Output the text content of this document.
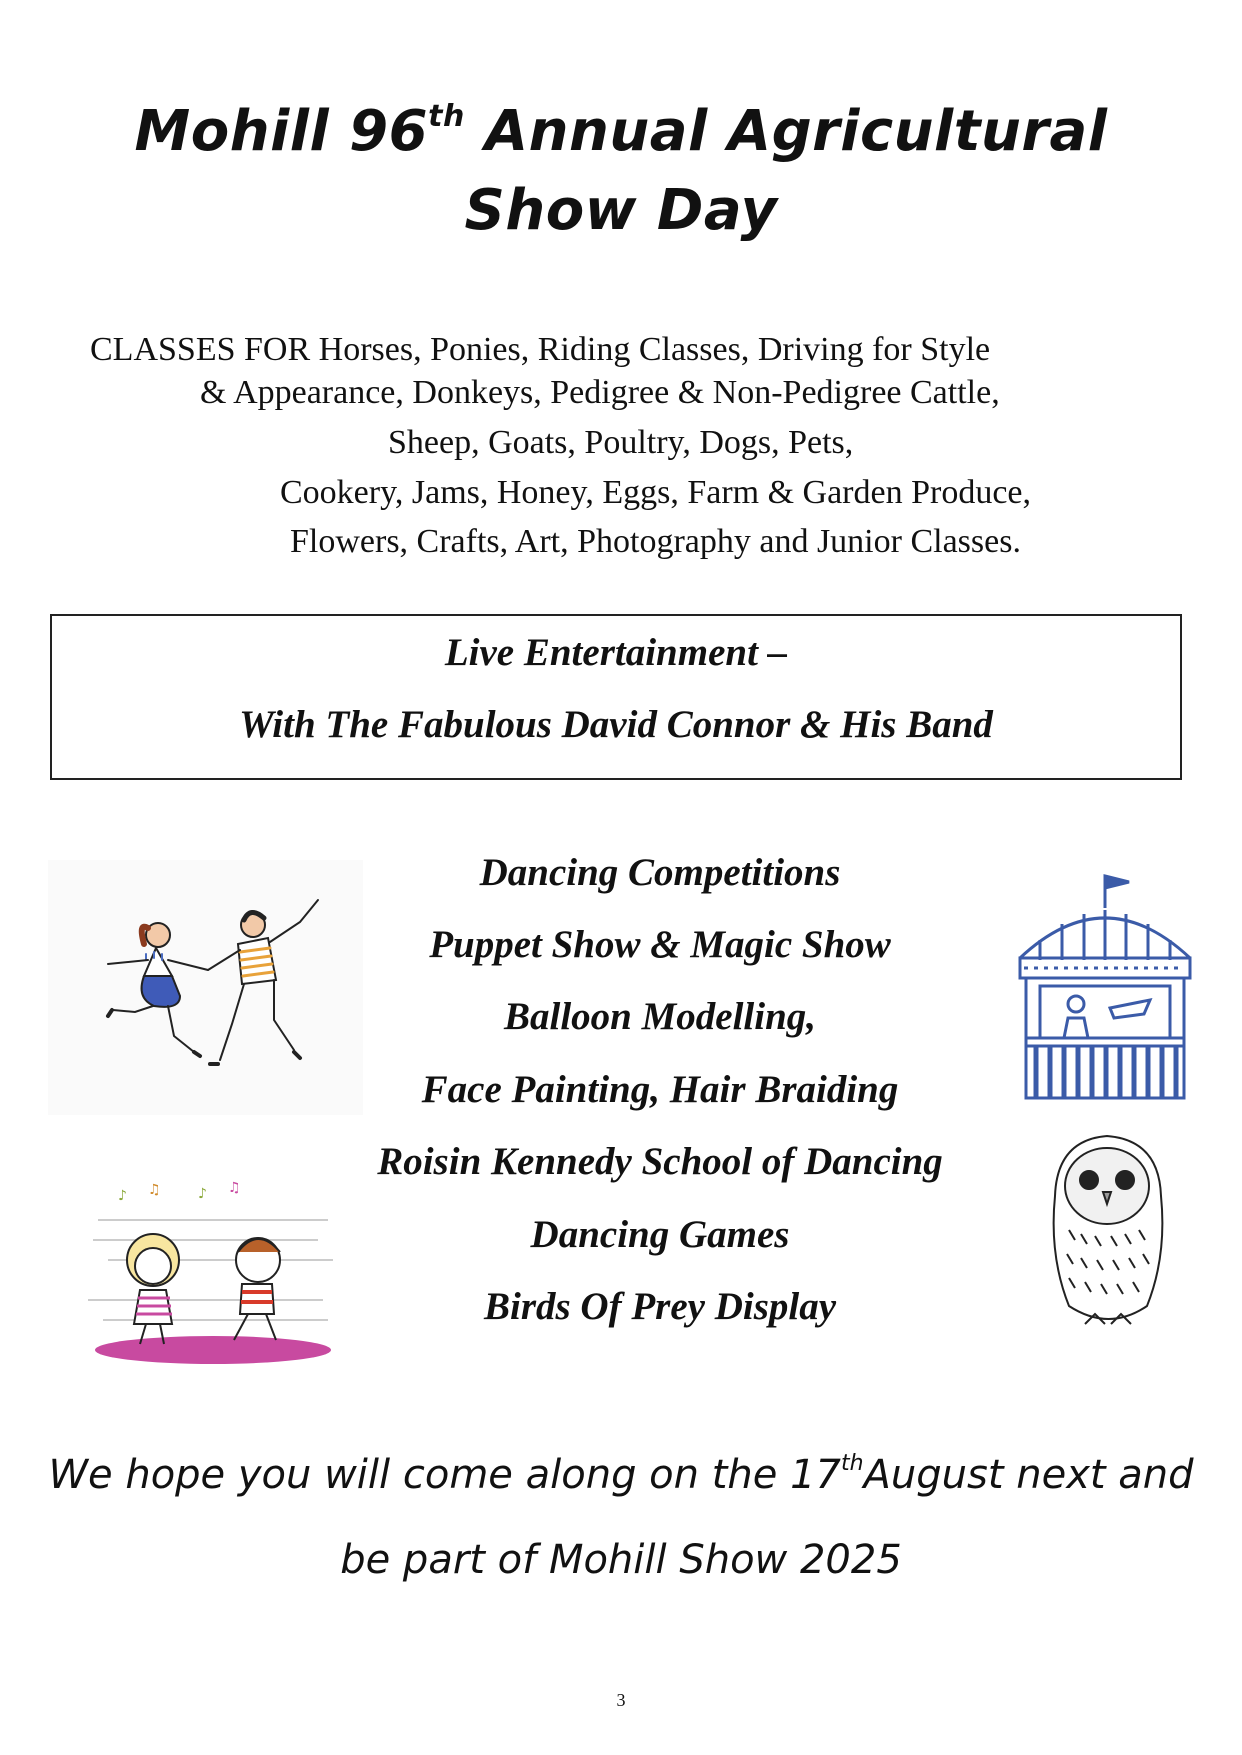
Mohill 96th Annual Agricultural
Show Day
CLASSES FOR Horses, Ponies, Riding Classes, Driving for Style
& Appearance, Donkeys, Pedigree & Non-Pedigree Cattle,
Sheep, Goats, Poultry, Dogs, Pets,
Cookery, Jams, Honey, Eggs, Farm & Garden Produce,
Flowers, Crafts, Art, Photography and Junior Classes.
Live Entertainment –
With The Fabulous David Connor & His Band
Dancing Competitions
Puppet Show & Magic Show
Balloon Modelling,
Face Painting, Hair Braiding
Roisin Kennedy School of Dancing
Dancing Games
Birds Of Prey Display
♪ ♫	♪ ♫
We hope you will come along on the 17thAugust next and
be part of Mohill Show 2025
3
